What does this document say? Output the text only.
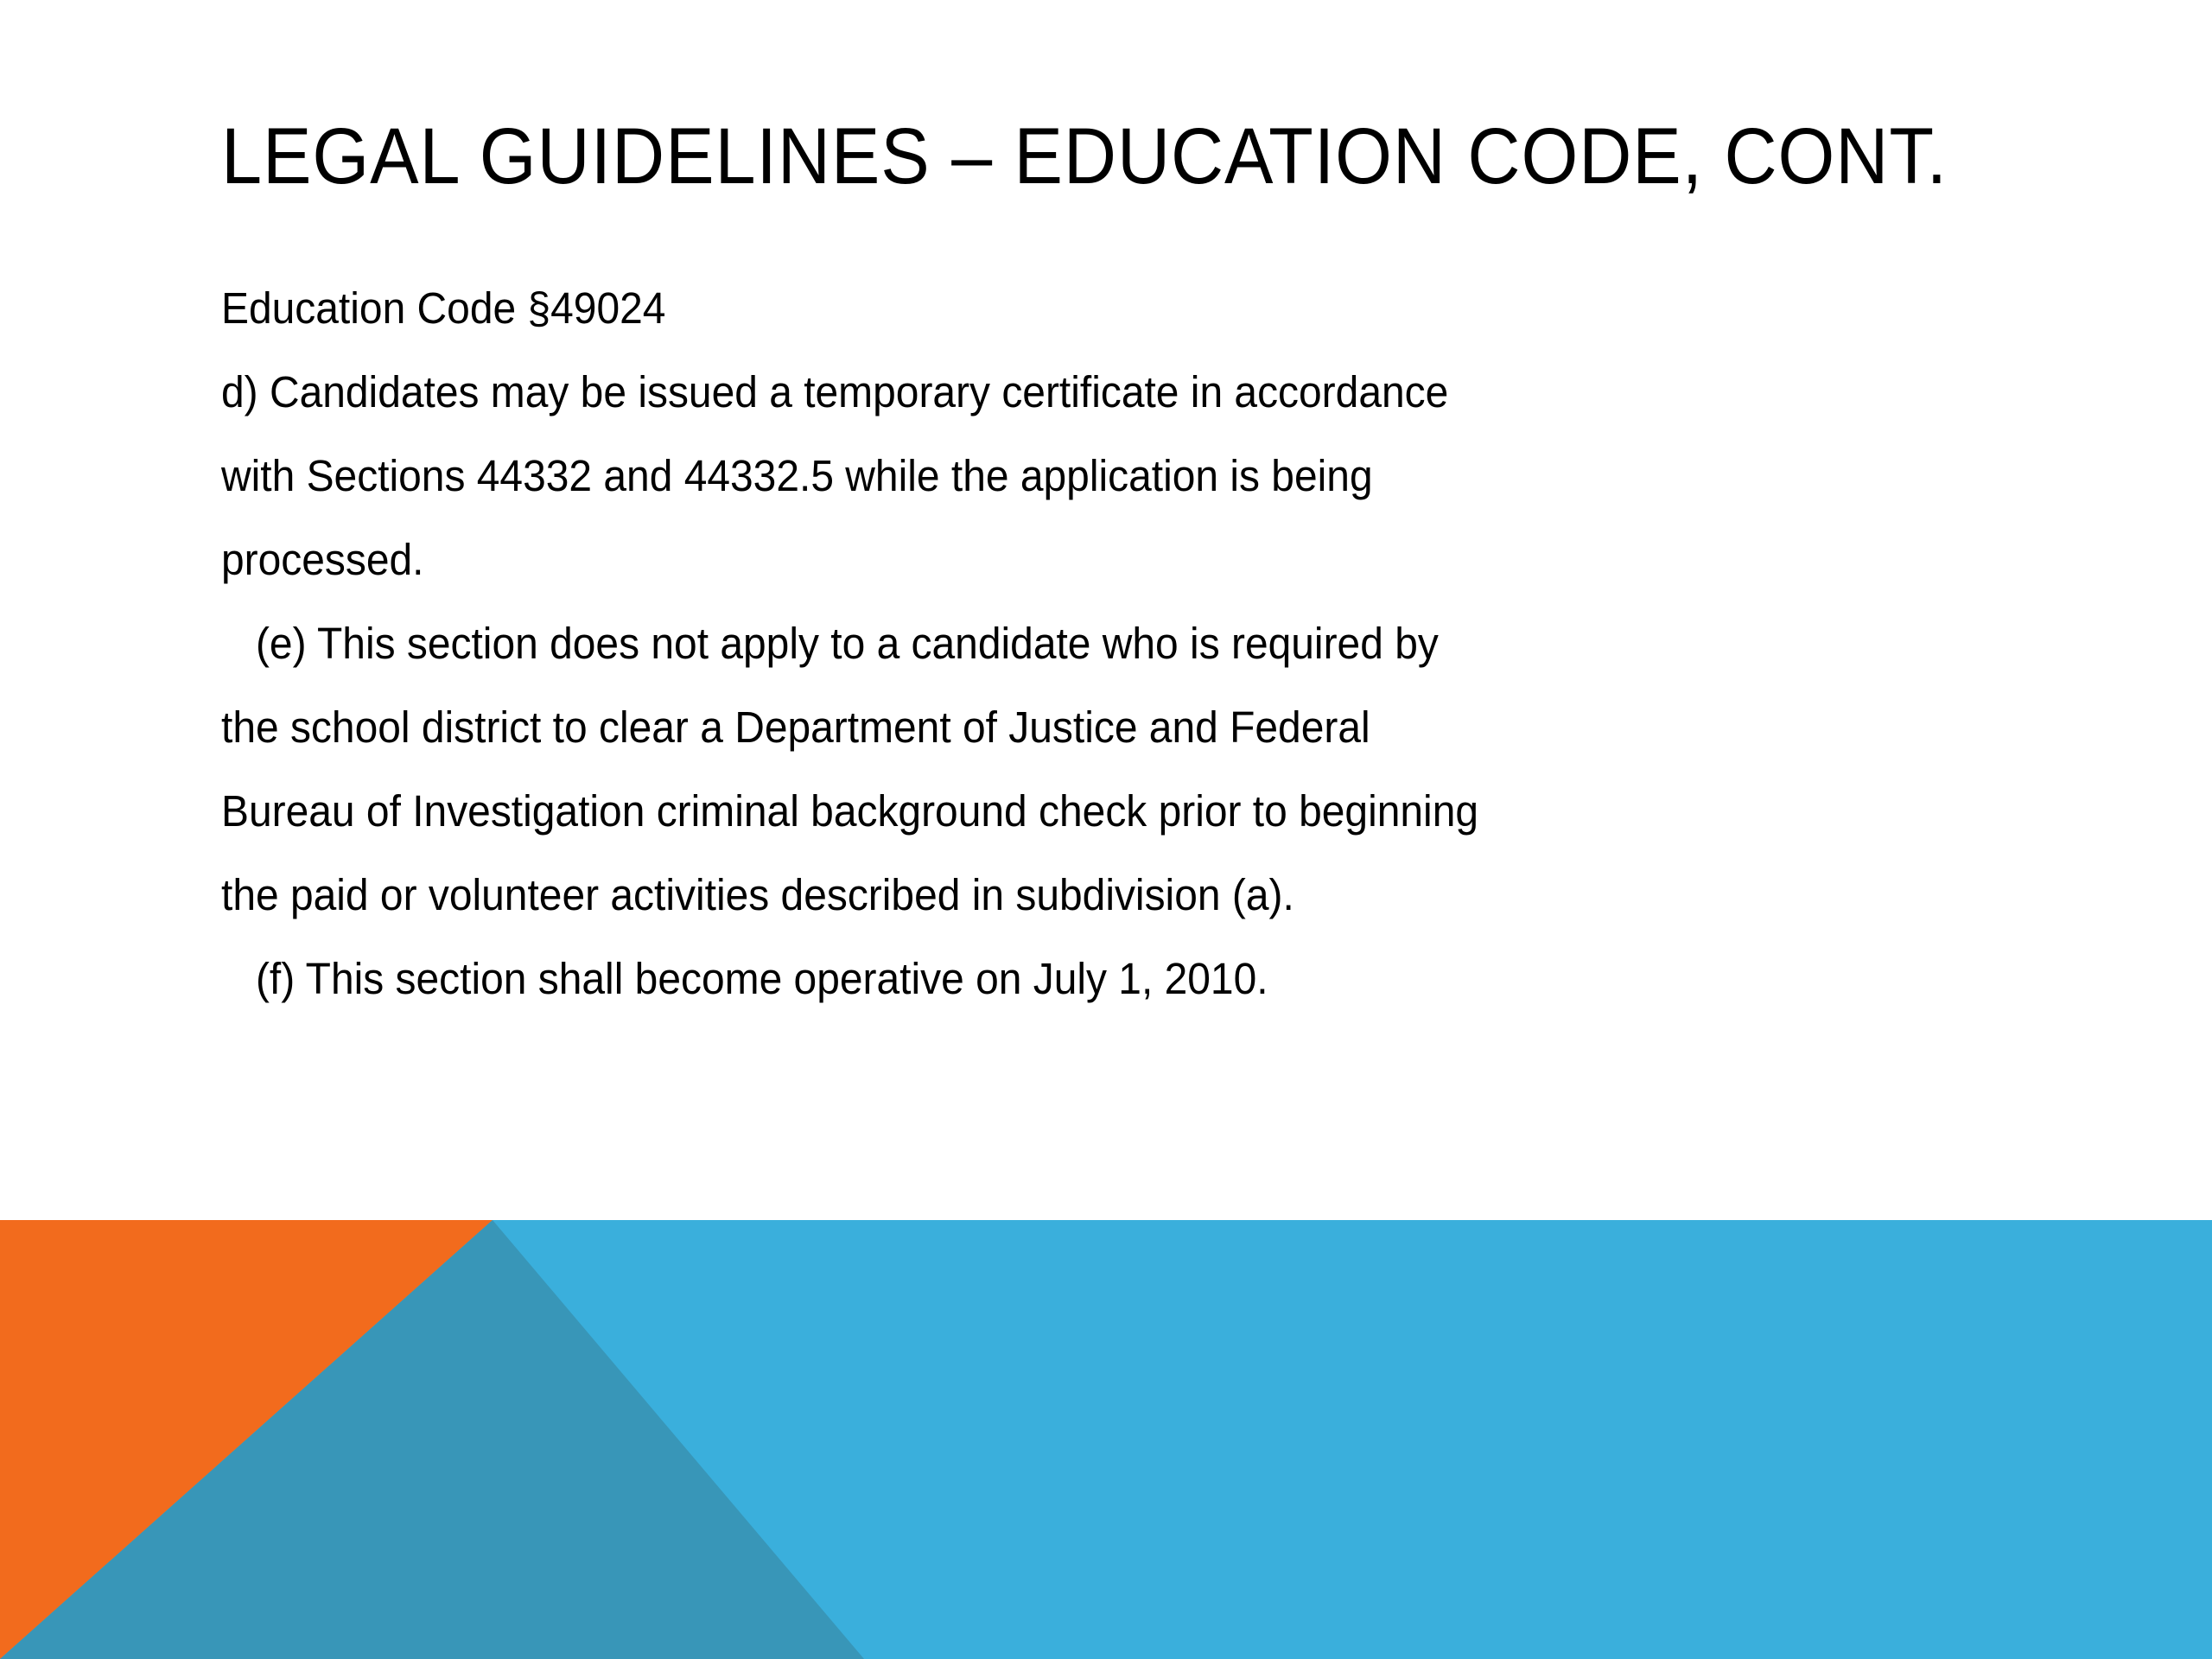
LEGAL GUIDELINES – EDUCATION CODE, CONT.
Education Code §49024
d) Candidates may be issued a temporary certificate in accordance
with Sections 44332 and 44332.5 while the application is being
processed.
(e) This section does not apply to a candidate who is required by
the school district to clear a Department of Justice and Federal
Bureau of Investigation criminal background check prior to beginning
the paid or volunteer activities described in subdivision (a).
(f) This section shall become operative on July 1, 2010.
